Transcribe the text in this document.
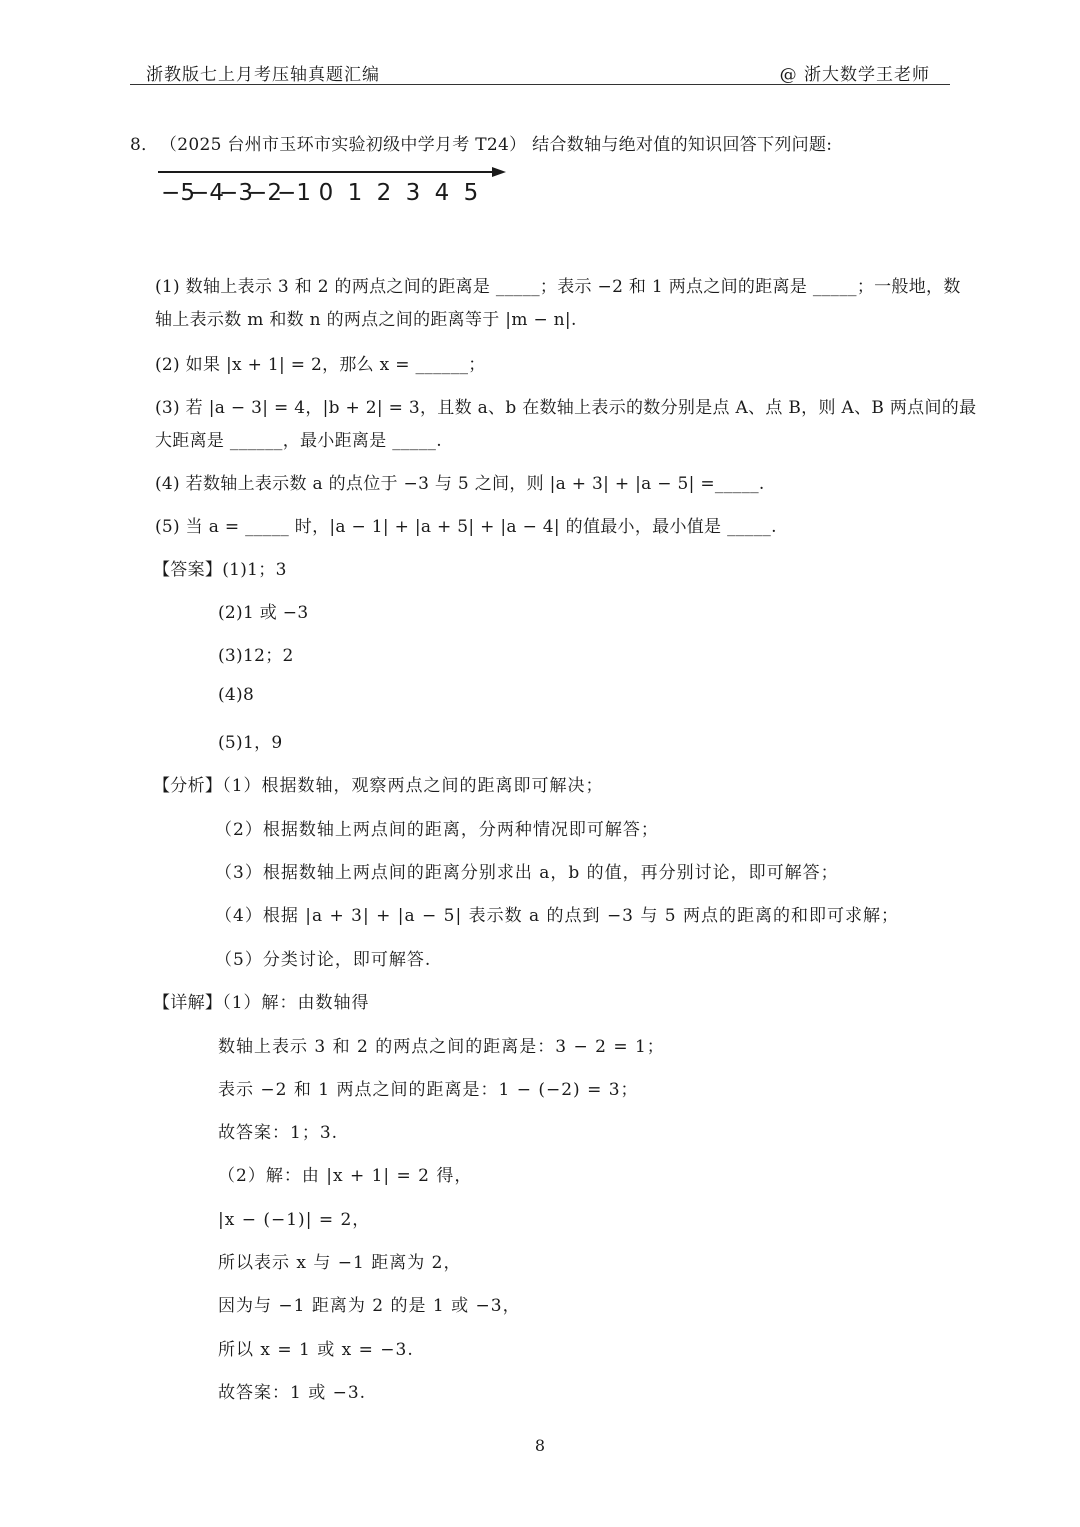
浙教版七上月考压轴真题汇编	@ 浙大数学王老师
8． （2025 台州市玉环市实验初级中学月考 T24） 结合数轴与绝对值的知识回答下列问题:
−5
−4
−3
−2
−1 0 1 2 3 4 5
(1) 数轴上表示 3 和 2 的两点之间的距离是 _____；表示 −2 和 1 两点之间的距离是 _____；一般地，数
轴上表示数 m 和数 n 的两点之间的距离等于 |m − n|.
(2) 如果 |x + 1| = 2，那么 x = ______；
(3) 若 |a − 3| = 4，|b + 2| = 3，且数 a、b 在数轴上表示的数分别是点 A、点 B，则 A、B 两点间的最
大距离是 ______，最小距离是 _____.
(4) 若数轴上表示数 a 的点位于 −3 与 5 之间，则 |a + 3| + |a − 5| =_____.
(5) 当 a = _____ 时，|a − 1| + |a + 5| + |a − 4| 的值最小，最小值是 _____.
【答案】(1)1；3
(2)1 或 −3
(3)12；2
(4)8
(5)1，9
【分析】（1）根据数轴，观察两点之间的距离即可解决；
（2）根据数轴上两点间的距离，分两种情况即可解答；
（3）根据数轴上两点间的距离分别求出 a，b 的值，再分别讨论，即可解答；
（4）根据 |a + 3| + |a − 5| 表示数 a 的点到 −3 与 5 两点的距离的和即可求解；
（5）分类讨论，即可解答.
【详解】（1）解：由数轴得
数轴上表示 3 和 2 的两点之间的距离是：3 − 2 = 1；
表示 −2 和 1 两点之间的距离是：1 − (−2) = 3；
故答案：1；3.
（2）解：由 |x + 1| = 2 得，
|x − (−1)| = 2，
所以表示 x 与 −1 距离为 2，
因为与 −1 距离为 2 的是 1 或 −3，
所以 x = 1 或 x = −3.
故答案：1 或 −3.
8
